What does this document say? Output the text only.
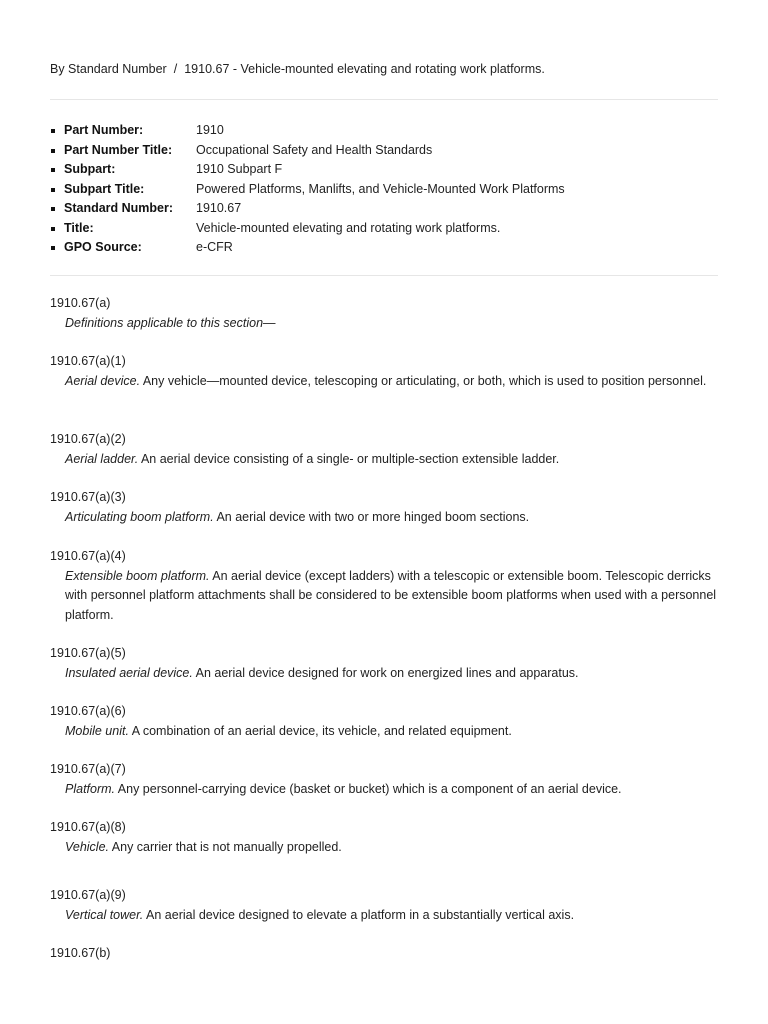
By Standard Number / 1910.67 - Vehicle-mounted elevating and rotating work platforms.
Part Number:	1910
Part Number Title: Occupational Safety and Health Standards
Subpart:	1910 Subpart F
Subpart Title:	Powered Platforms, Manlifts, and Vehicle-Mounted Work Platforms
Standard Number: 1910.67
Title:	Vehicle-mounted elevating and rotating work platforms.
GPO Source:	e-CFR
1910.67(a)
Definitions applicable to this section—
1910.67(a)(1)
Aerial device. Any vehicle—mounted device, telescoping or articulating, or both, which is used to position personnel.
1910.67(a)(2)
Aerial ladder. An aerial device consisting of a single- or multiple-section extensible ladder.
1910.67(a)(3)
Articulating boom platform. An aerial device with two or more hinged boom sections.
1910.67(a)(4)
Extensible boom platform. An aerial device (except ladders) with a telescopic or extensible boom. Telescopic derricks with personnel platform attachments shall be considered to be extensible boom platforms when used with a personnel platform.
1910.67(a)(5)
Insulated aerial device. An aerial device designed for work on energized lines and apparatus.
1910.67(a)(6)
Mobile unit. A combination of an aerial device, its vehicle, and related equipment.
1910.67(a)(7)
Platform. Any personnel-carrying device (basket or bucket) which is a component of an aerial device.
1910.67(a)(8)
Vehicle. Any carrier that is not manually propelled.
1910.67(a)(9)
Vertical tower. An aerial device designed to elevate a platform in a substantially vertical axis.
1910.67(b)
